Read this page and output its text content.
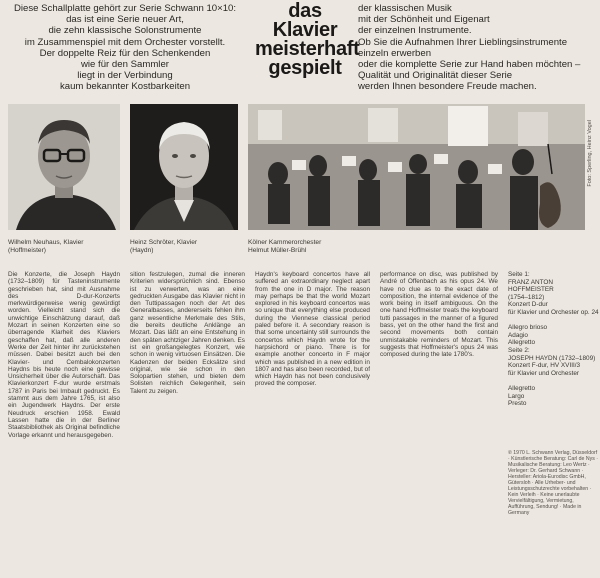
Diese Schallplatte gehört zur Serie Schwann 10×10:
das ist eine Serie neuer Art,
die zehn klassische Solonstrumente
im Zusammenspiel mit dem Orchester vorstellt.
Der doppelte Reiz für den Schenkenden
wie für den Sammler
liegt in der Verbindung
kaum bekannter Kostbarkeiten
das
Klavier
meisterhaft
gespielt
der klassischen Musik
mit der Schönheit und Eigenart
der einzelnen Instrumente.
Ob Sie die Aufnahmen Ihrer Lieblingsinstrumente
einzeln erwerben
oder die komplette Serie zur Hand haben möchten –
Qualität und Originalität dieser Serie
werden Ihnen besondere Freude machen.
Foto: Sperling, Heinz Vogel
Wilhelm Neuhaus, Klavier
(Hoffmeister)
Heinz Schröter, Klavier
(Haydn)
Kölner Kammerorchester
Helmut Müller-Brühl
Die Konzerte, die Joseph Haydn (1732–1809) für Tasteninstrumente geschrieben hat, sind mit Ausnahme des D-dur-Konzerts merkwürdigerweise wenig gewürdigt worden. Vielleicht stand sich die unwichtige Einschätzung darauf, daß Mozart in seinen Konzerten eine so überragende Klarheit des Klaviers geschaffen hat, daß alle anderen Werke der Zeit hinter ihr zurückstehen müssen. Dabei besitzt auch bei den Klavier- und Cembalokonzerten Haydns bis heute noch eine gewisse Unsicherheit über die Autorschaft. Das Klavierkonzert F-dur wurde erstmals 1787 in Paris bei Imbault gedruckt. Es stammt aus dem Jahre 1765, ist also ein Jugendwerk Haydns. Der erste Neudruck erschien 1958. Ewald Lassen hatte die in der Berliner Staatsbibliothek als Original befindliche Vorlage erkannt und herausgegeben.
sition festzulegen, zumal die inneren Kriterien widersprüchlich sind. Ebenso ist zu verwerten, was an eine gedruckten Ausgabe das Klavier nicht in den Tuttipassagen noch der Art des Generalbasses, andererseits fehlen ihm ganz wesentliche Merkmale des Stils, die bereits deutliche Anklänge an Mozart. Das läßt an eine Entstehung in den späten achtziger Jahren denken. Es ist ein großangelegtes Konzert, wie schon in wenig virtuosen Einsätzen. Die Kadenzen der beiden Ecksätze sind original, wie sie schon in den Solopartien stehen, und bieten dem Solisten reichlich Gelegenheit, sein Talent zu zeigen.
Haydn's keyboard concertos have all suffered an extraordinary neglect apart from the one in D major. The reason may perhaps be that the world Mozart explored in his keyboard concertos was so unique that everything else produced during the Viennese classical period paled before it. A secondary reason is that some uncertainty still surrounds the concertos which Haydn wrote for the harpsichord or piano. There is for example another concerto in F major which was published in a new edition in 1807 and has also been recorded, but of which Haydn has not been conclusively proved the composer.
performance on disc, was published by André of Offenbach as his opus 24. We have no clue as to the exact date of composition, the internal evidence of the work being in itself ambiguous. On the one hand Hoffmeister treats the keyboard tutti passages in the manner of a figured bass, yet on the other hand the first and second movements both contain unmistakable reminders of Mozart. This suggests that Hoffmeister's opus 24 was composed during the late 1780's.
Seite 1:
FRANZ ANTON HOFFMEISTER
(1754–1812)
Konzert D-dur
für Klavier und Orchester op. 24
Allegro brioso
Adagio
Allegretto
Seite 2:
JOSEPH HAYDN (1732–1809)
Konzert F-dur, HV XVIII/3
für Klavier und Orchester
Allegretto
Largo
Presto
℗ 1970 L. Schwann Verlag, Düsseldorf · Künstlerische Beratung: Carl de Nys · Musikalische Beratung: Leo Wertz · Verleger: Dr. Gerhard Schwann · Hersteller: Ariola-Eurodisc GmbH, Gütersloh · Alle Urheber- und Leistungsschutzrechte vorbehalten · Kein Verleih · Keine unerlaubte Vervielfältigung, Vermietung, Aufführung, Sendung! · Made in Germany
